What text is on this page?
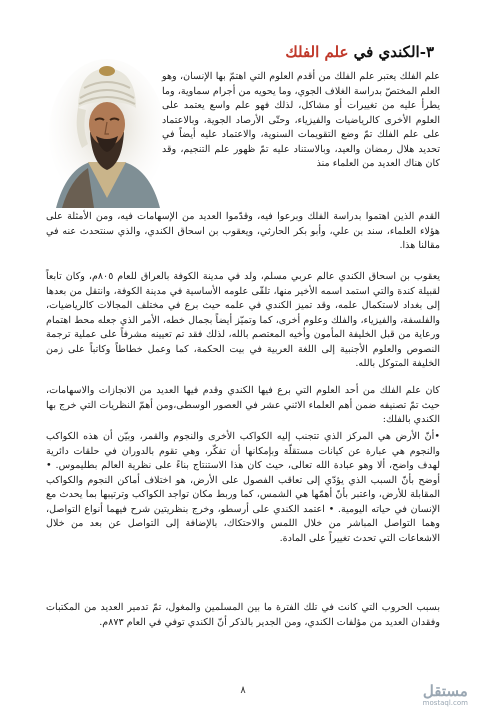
٣-الكندي في علم الفلك
علم الفلك يعتبر علم الفلك من أقدم العلوم التي اهتمّ بها الإنسان، وهو العلم المختصّ بدراسة الغلاف الجوي، وما يحويه من أجرام سماوية، وما يطرأ عليه من تغييرات أو مشاكل، لذلك فهو علم واسع يعتمد على العلوم الأخرى كالرياضيات والفيزياء، وحتّى الأرصاد الجوية، وبالاعتماد على علم الفلك تمّ وضع التقويمات السنوية، والاعتماد عليه أيضاً في تحديد هلال رمضان والعيد، وبالاستناد عليه تمّ ظهور علم التنجيم، وقد كان هناك العديد من العلماء منذ
القدم الذين اهتموا بدراسة الفلك وبرعوا فيه، وقدّموا العديد من الإسهامات فيه، ومن الأمثلة على هؤلاء العلماء، سند بن علي، وأبو بكر الحارثي، ويعقوب بن اسحاق الكندي، والذي سنتحدث عنه في مقالنا هذا.
يعقوب بن اسحاق الكندي عالم عربي مسلم، ولد في مدينة الكوفة بالعراق للعام ٨٠٥م، وكان تابعاً لقبيلة كندة والتي استمد اسمه الأخير منها، تلقّى علومه الأساسية في مدينة الكوفة، وانتقل من بعدها إلى بغداد لاستكمال علمه، وقد تميز الكندي في علمه حيث برع في مختلف المجالات كالرياضيات، والفلسفة، والفيزياء، والفلك وعلوم أخرى، كما وتميّز أيضاً بجمال خطه، الأمر الذي جعله محط اهتمام ورعاية من قبل الخليفة المأمون وأخيه المعتصم بالله، لذلك فقد تم تعيينه مشرفاً على عملية ترجمة النصوص والعلوم الأجنبية إلى اللغة العربية في بيت الحكمة، كما وعمل خطاطاً وكاتباً على زمن الخليفة المتوكل بالله.
كان علم الفلك من أحد العلوم التي برع فيها الكندي وقدم فيها العديد من الانجازات والاسهامات، حيث تمّ تصنيفه ضمن أهم العلماء الاثني عشر في العصور الوسطى،ومن أهمّ النظريات التي خرج بها الكندي بالفلك:
•أنّ الأرض هي المركز الذي تتجنب إليه الكواكب الأخرى والنجوم والقمر، وبيّن أن هذه الكواكب والنجوم هي عبارة عن كيانات مستقلّة وبإمكانها أن تفكّر، وهي تقوم بالدوران في حلقات دائرية لهدف واضح، ألا وهو عبادة الله تعالى، حيث كان هذا الاستنتاج بناءً على نظرية العالم بطليموس. • أوضح بأنّ السبب الذي يؤدّي إلى تعاقب الفصول على الأرض، هو اختلاف أماكن النجوم والكواكب المقابلة للأرض، واعتبر بأنّ أهمّها هي الشمس، كما وربط مكان تواجد الكواكب وترتيبها بما يحدث مع الإنسان في حياته اليومية. • اعتمد الكندي على أرسطو، وخرج بنظريتين شرح فيهما أنواع التواصل، وهما التواصل المباشر من خلال اللمس والاحتكاك، بالإضافة إلى التواصل عن بعد من خلال الاشعاعات التي تحدث تغييراً على المادة.
بسبب الحروب التي كانت في تلك الفترة ما بين المسلمين والمغول، تمّ تدمير العديد من المكتبات وفقدان العديد من مؤلفات الكندي، ومن الجدير بالذكر أنّ الكندي توفي في العام ٨٧٣م.
٨	مستقل
mostaql.com
